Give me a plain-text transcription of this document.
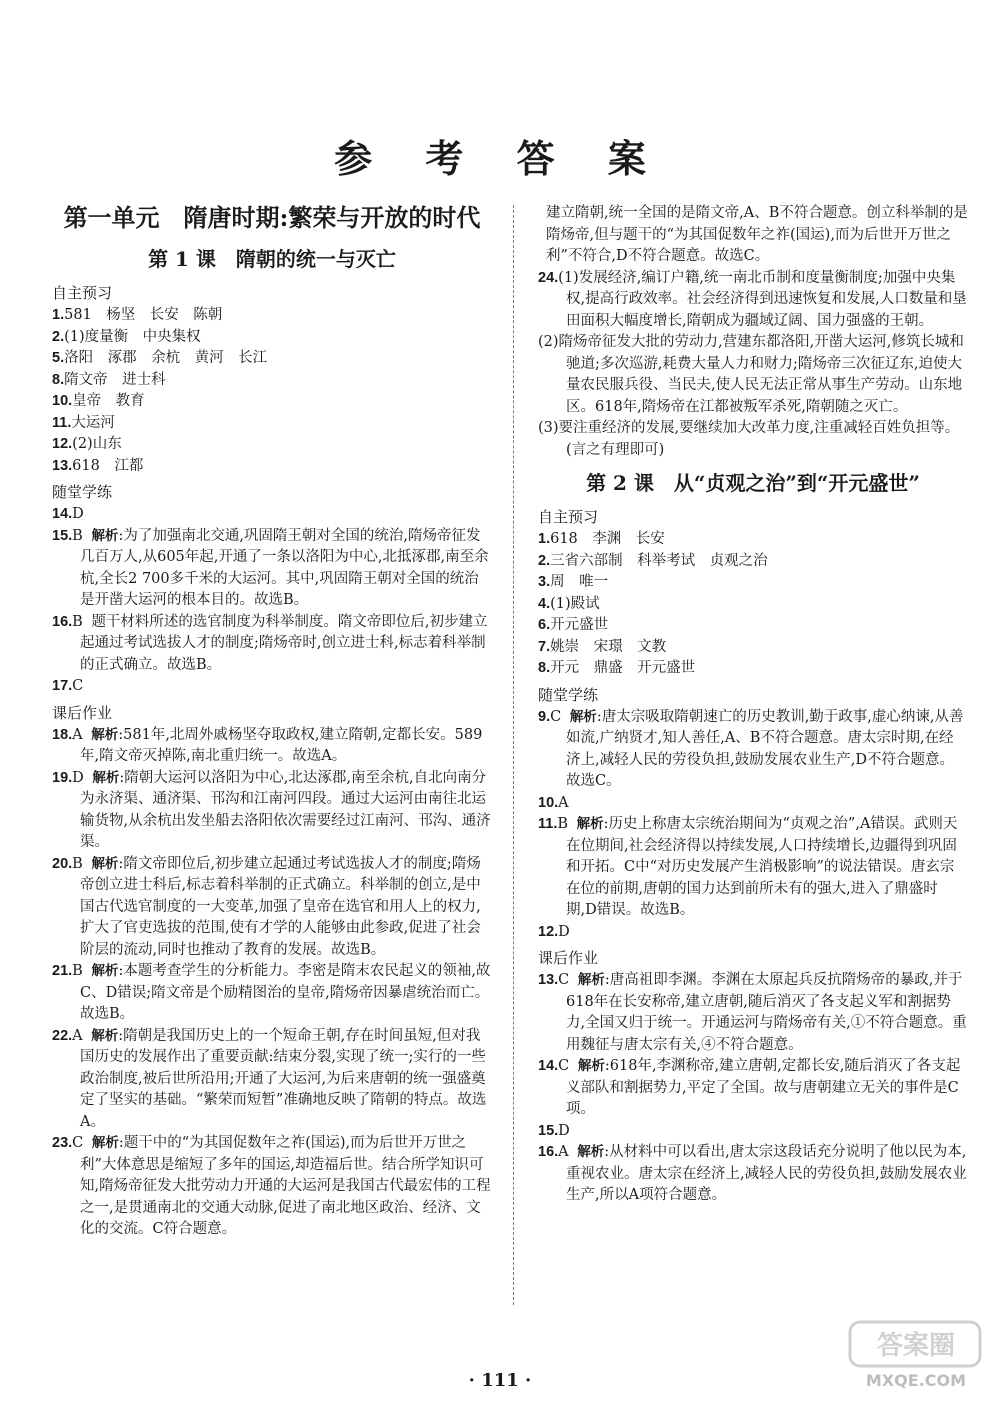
参 考 答 案
第一单元　隋唐时期:繁荣与开放的时代
第 1 课　隋朝的统一与灭亡
自主预习

1.581　杨坚　长安　陈朝

2.(1)度量衡　中央集权

5.洛阳　涿郡　余杭　黄河　长江

8.隋文帝　进士科

10.皇帝　教育

11.大运河

12.(2)山东

13.618　江都

随堂学练

14.D

15.B 解析:为了加强南北交通,巩固隋王朝对全国的统治,隋炀帝征发几百万人,从605年起,开通了一条以洛阳为中心,北抵涿郡,南至余杭,全长2 700多千米的大运河。其中,巩固隋王朝对全国的统治是开凿大运河的根本目的。故选B。

16.B 题干材料所述的选官制度为科举制度。隋文帝即位后,初步建立起通过考试选拔人才的制度;隋炀帝时,创立进士科,标志着科举制的正式确立。故选B。

17.C

课后作业

18.A 解析:581年,北周外戚杨坚夺取政权,建立隋朝,定都长安。589年,隋文帝灭掉陈,南北重归统一。故选A。

19.D 解析:隋朝大运河以洛阳为中心,北达涿郡,南至余杭,自北向南分为永济渠、通济渠、邗沟和江南河四段。通过大运河由南往北运输货物,从余杭出发坐船去洛阳依次需要经过江南河、邗沟、通济渠。

20.B 解析:隋文帝即位后,初步建立起通过考试选拔人才的制度;隋炀帝创立进士科后,标志着科举制的正式确立。科举制的创立,是中国古代选官制度的一大变革,加强了皇帝在选官和用人上的权力,扩大了官吏选拔的范围,使有才学的人能够由此参政,促进了社会阶层的流动,同时也推动了教育的发展。故选B。

21.B 解析:本题考查学生的分析能力。李密是隋末农民起义的领袖,故C、D错误;隋文帝是个励精图治的皇帝,隋炀帝因暴虐统治而亡。故选B。

22.A 解析:隋朝是我国历史上的一个短命王朝,存在时间虽短,但对我国历史的发展作出了重要贡献:结束分裂,实现了统一;实行的一些政治制度,被后世所沿用;开通了大运河,为后来唐朝的统一强盛奠定了坚实的基础。“繁荣而短暂”准确地反映了隋朝的特点。故选A。

23.C 解析:题干中的“为其国促数年之祚(国运),而为后世开万世之利”大体意思是缩短了多年的国运,却造福后世。结合所学知识可知,隋炀帝征发大批劳动力开通的大运河是我国古代最宏伟的工程之一,是贯通南北的交通大动脉,促进了南北地区政治、经济、文化的交流。C符合题意。

建立隋朝,统一全国的是隋文帝,A、B不符合题意。创立科举制的是隋炀帝,但与题干的“为其国促数年之祚(国运),而为后世开万世之利”不符合,D不符合题意。故选C。

24.(1)发展经济,编订户籍,统一南北币制和度量衡制度;加强中央集权,提高行政效率。社会经济得到迅速恢复和发展,人口数量和垦田面积大幅度增长,隋朝成为疆域辽阔、国力强盛的王朝。

(2)隋炀帝征发大批的劳动力,营建东都洛阳,开凿大运河,修筑长城和驰道;多次巡游,耗费大量人力和财力;隋炀帝三次征辽东,迫使大量农民服兵役、当民夫,使人民无法正常从事生产劳动。山东地区。618年,隋炀帝在江都被叛军杀死,隋朝随之灭亡。

(3)要注重经济的发展,要继续加大改革力度,注重减轻百姓负担等。(言之有理即可)

第 2 课　从“贞观之治”到“开元盛世”
自主预习

1.618　李渊　长安

2.三省六部制　科举考试　贞观之治

3.周　唯一

4.(1)殿试

6.开元盛世

7.姚崇　宋璟　文教

8.开元　鼎盛　开元盛世

随堂学练

9.C 解析:唐太宗吸取隋朝速亡的历史教训,勤于政事,虚心纳谏,从善如流,广纳贤才,知人善任,A、B不符合题意。唐太宗时期,在经济上,减轻人民的劳役负担,鼓励发展农业生产,D不符合题意。故选C。

10.A

11.B 解析:历史上称唐太宗统治期间为“贞观之治”,A错误。武则天在位期间,社会经济得以持续发展,人口持续增长,边疆得到巩固和开拓。C中“对历史发展产生消极影响”的说法错误。唐玄宗在位的前期,唐朝的国力达到前所未有的强大,进入了鼎盛时期,D错误。故选B。

12.D

课后作业

13.C 解析:唐高祖即李渊。李渊在太原起兵反抗隋炀帝的暴政,并于618年在长安称帝,建立唐朝,随后消灭了各支起义军和割据势力,全国又归于统一。开通运河与隋炀帝有关,①不符合题意。重用魏征与唐太宗有关,④不符合题意。

14.C 解析:618年,李渊称帝,建立唐朝,定都长安,随后消灭了各支起义部队和割据势力,平定了全国。故与唐朝建立无关的事件是C项。

15.D

16.A 解析:从材料中可以看出,唐太宗这段话充分说明了他以民为本,重视农业。唐太宗在经济上,减轻人民的劳役负担,鼓励发展农业生产,所以A项符合题意。

· 111 ·
答案圈
MXQE.COM
